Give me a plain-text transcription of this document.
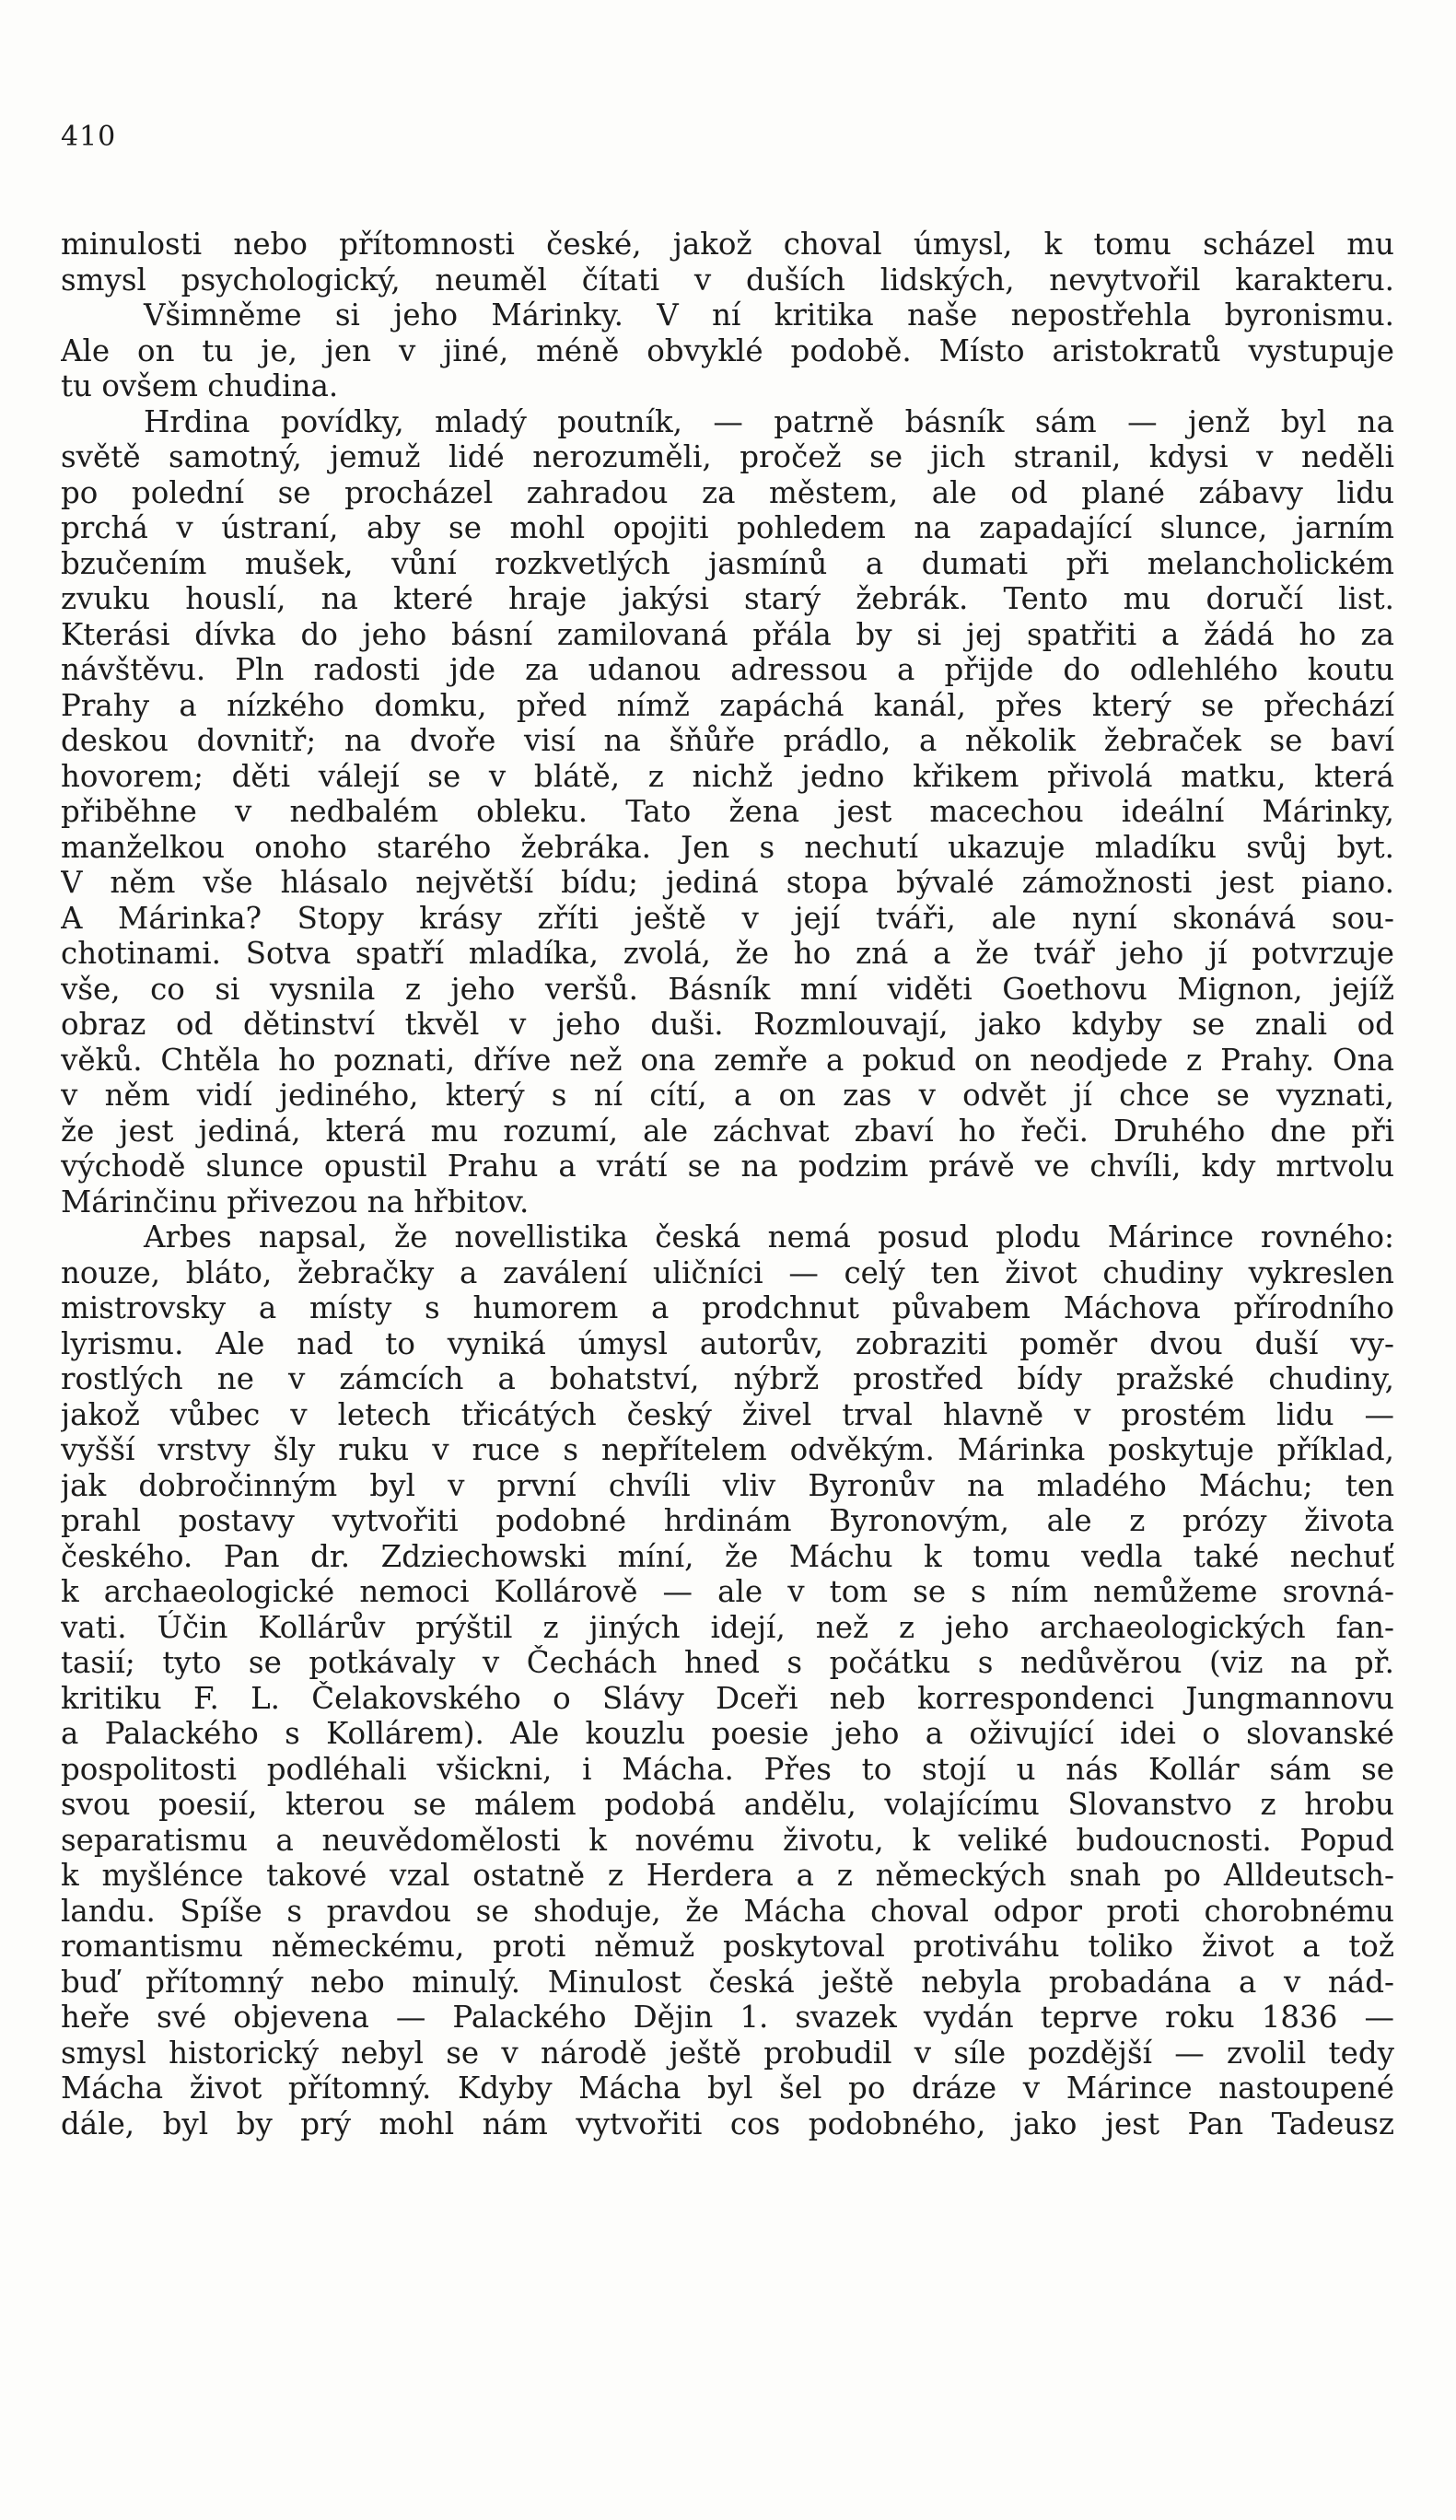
410
minulosti nebo přítomnosti české, jakož choval úmysl, k tomu scházel mu
smysl psychologický, neuměl čítati v duších lidských, nevytvořil karakteru.
Všimněme si jeho Márinky. V ní kritika naše nepostřehla byronismu.
Ale on tu je, jen v jiné, méně obvyklé podobě. Místo aristokratů vystupuje
tu ovšem chudina.
Hrdina povídky, mladý poutník, — patrně básník sám — jenž byl na
světě samotný, jemuž lidé nerozuměli, pročež se jich stranil, kdysi v neděli
po polední se procházel zahradou za městem, ale od plané zábavy lidu
prchá v ústraní, aby se mohl opojiti pohledem na zapadající slunce, jarním
bzučením mušek, vůní rozkvetlých jasmínů a dumati při melancholickém
zvuku houslí, na které hraje jakýsi starý žebrák. Tento mu doručí list.
Kterási dívka do jeho básní zamilovaná přála by si jej spatřiti a žádá ho za
návštěvu. Pln radosti jde za udanou adressou a přijde do odlehlého koutu
Prahy a nízkého domku, před nímž zapáchá kanál, přes který se přechází
deskou dovnitř; na dvoře visí na šňůře prádlo, a několik žebraček se baví
hovorem; děti válejí se v blátě, z nichž jedno křikem přivolá matku, která
přiběhne v nedbalém obleku. Tato žena jest macechou ideální Márinky,
manželkou onoho starého žebráka. Jen s nechutí ukazuje mladíku svůj byt.
V něm vše hlásalo největší bídu; jediná stopa bývalé zámožnosti jest piano.
A Márinka? Stopy krásy zříti ještě v její tváři, ale nyní skonává sou-
chotinami. Sotva spatří mladíka, zvolá, že ho zná a že tvář jeho jí potvrzuje
vše, co si vysnila z jeho veršů. Básník mní viděti Goethovu Mignon, jejíž
obraz od dětinství tkvěl v jeho duši. Rozmlouvají, jako kdyby se znali od
věků. Chtěla ho poznati, dříve než ona zemře a pokud on neodjede z Prahy. Ona
v něm vidí jediného, který s ní cítí, a on zas v odvět jí chce se vyznati,
že jest jediná, která mu rozumí, ale záchvat zbaví ho řeči. Druhého dne při
východě slunce opustil Prahu a vrátí se na podzim právě ve chvíli, kdy mrtvolu
Márinčinu přivezou na hřbitov.
Arbes napsal, že novellistika česká nemá posud plodu Márince rovného:
nouze, bláto, žebračky a zaválení uličníci — celý ten život chudiny vykreslen
mistrovsky a místy s humorem a prodchnut půvabem Máchova přírodního
lyrismu. Ale nad to vyniká úmysl autorův, zobraziti poměr dvou duší vy-
rostlých ne v zámcích a bohatství, nýbrž prostřed bídy pražské chudiny,
jakož vůbec v letech třicátých český živel trval hlavně v prostém lidu —
vyšší vrstvy šly ruku v ruce s nepřítelem odvěkým. Márinka poskytuje příklad,
jak dobročinným byl v první chvíli vliv Byronův na mladého Máchu; ten
prahl postavy vytvořiti podobné hrdinám Byronovým, ale z prózy života
českého. Pan dr. Zdziechowski míní, že Máchu k tomu vedla také nechuť
k archaeologické nemoci Kollárově — ale v tom se s ním nemůžeme srovná-
vati. Účin Kollárův prýštil z jiných idejí, než z jeho archaeologických fan-
tasií; tyto se potkávaly v Čechách hned s počátku s nedůvěrou (viz na př.
kritiku F. L. Čelakovského o Slávy Dceři neb korrespondenci Jungmannovu
a Palackého s Kollárem). Ale kouzlu poesie jeho a oživující idei o slovanské
pospolitosti podléhali všickni, i Mácha. Přes to stojí u nás Kollár sám se
svou poesií, kterou se málem podobá andělu, volajícímu Slovanstvo z hrobu
separatismu a neuvědomělosti k novému životu, k veliké budoucnosti. Popud
k myšlénce takové vzal ostatně z Herdera a z německých snah po Alldeutsch-
landu. Spíše s pravdou se shoduje, že Mácha choval odpor proti chorobnému
romantismu německému, proti němuž poskytoval protiváhu toliko život a tož
buď přítomný nebo minulý. Minulost česká ještě nebyla probadána a v nád-
heře své objevena — Palackého Dějin 1. svazek vydán teprve roku 1836 —
smysl historický nebyl se v národě ještě probudil v síle pozdější — zvolil tedy
Mácha život přítomný. Kdyby Mácha byl šel po dráze v Márince nastoupené
dále, byl by prý mohl nám vytvořiti cos podobného, jako jest Pan Tadeusz
